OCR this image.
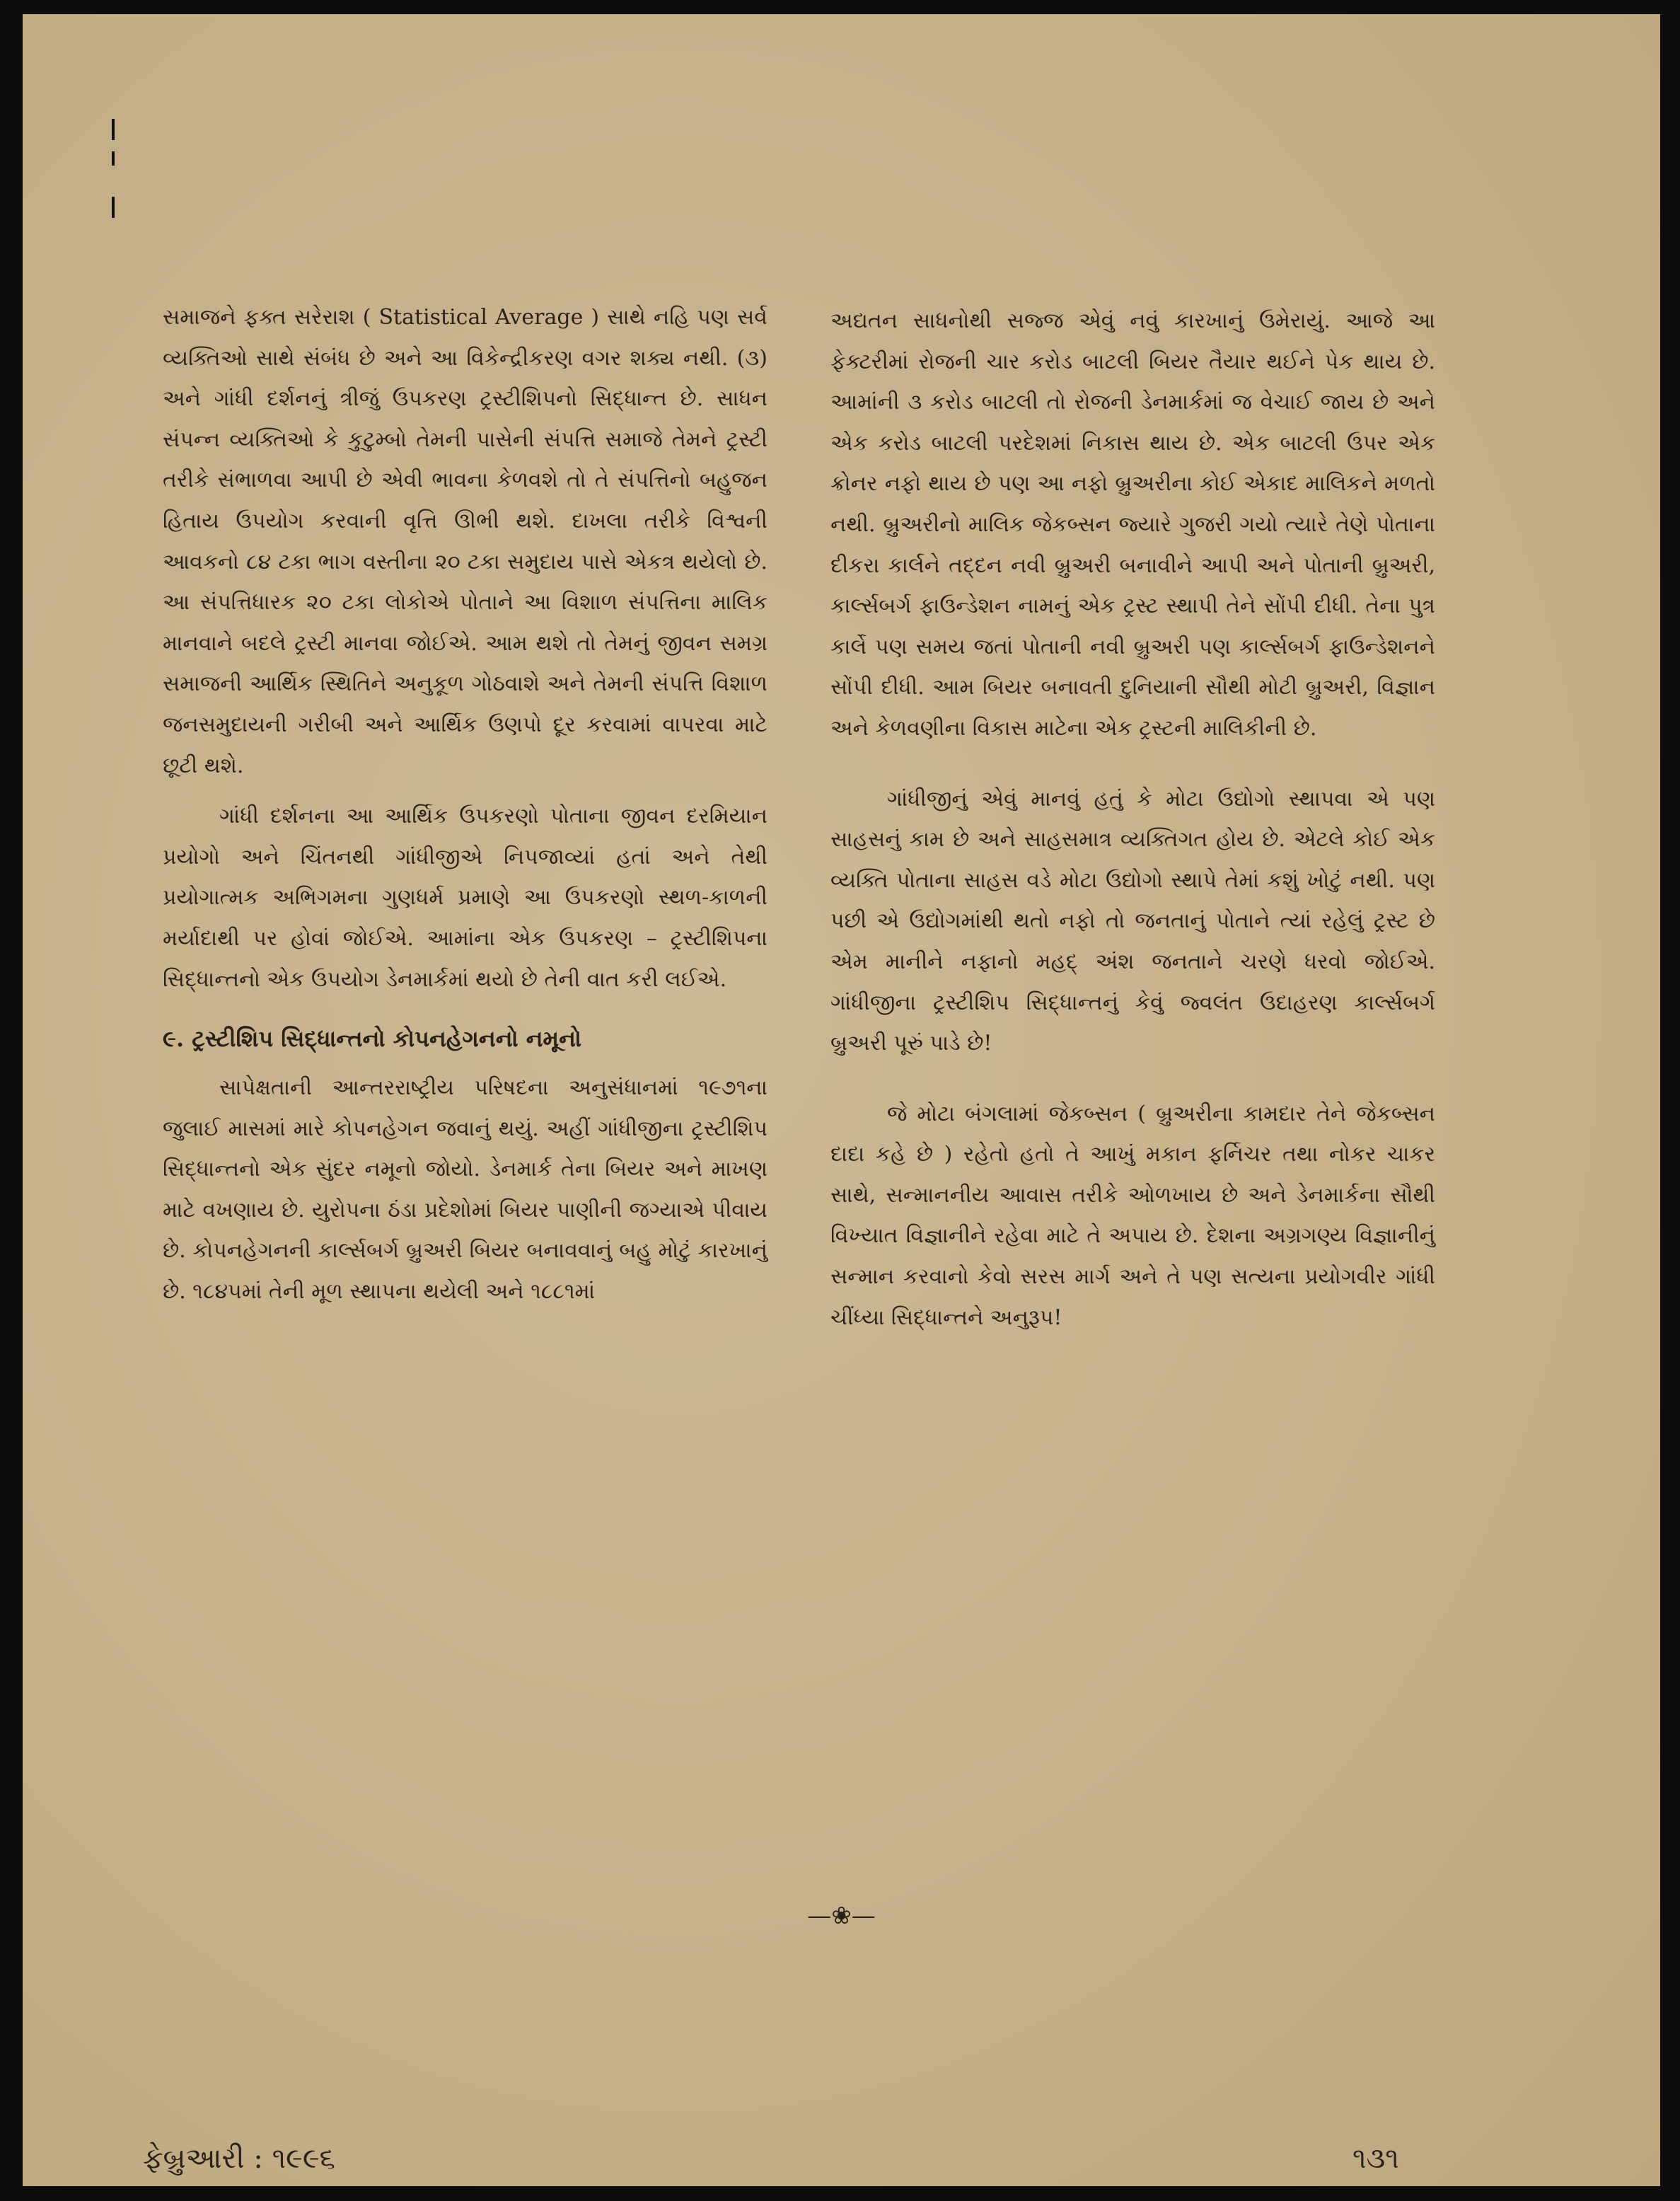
સમાજને ફક્ત સરેરાશ ( Statistical Average ) સાથે નહિ પણ સર્વ વ્યક્તિઓ સાથે સંબંધ છે અને આ વિકેન્દ્રીકરણ વગર શક્ય નથી. (૩) અને ગાંધી દર્શનનું ત્રીજું ઉપકરણ ટ્રસ્ટીશિપનો સિદ્ધાન્ત છે. સાધન સંપન્ન વ્યક્તિઓ કે કુટુમ્બો તેમની પાસેની સંપત્તિ સમાજે તેમને ટ્રસ્ટી તરીકે સંભાળવા આપી છે એવી ભાવના કેળવશે તો તે સંપત્તિનો બહુજન હિતાય ઉપયોગ કરવાની વૃત્તિ ઊભી થશે. દાખલા તરીકે વિશ્વની આવકનો ૮૪ ટકા ભાગ વસ્તીના ૨૦ ટકા સમુદાય પાસે એકત્ર થયેલો છે. આ સંપત્તિધારક ૨૦ ટકા લોકોએ પોતાને આ વિશાળ સંપત્તિના માલિક માનવાને બદલે ટ્રસ્ટી માનવા જોઈએ. આમ થશે તો તેમનું જીવન સમગ્ર સમાજની આર્થિક સ્થિતિને અનુકૂળ ગોઠવાશે અને તેમની સંપત્તિ વિશાળ જનસમુદાયની ગરીબી અને આર્થિક ઉણપો દૂર કરવામાં વાપરવા માટે છૂટી થશે.

ગાંધી દર્શનના આ આર્થિક ઉપકરણો પોતાના જીવન દરમિયાન પ્રયોગો અને ચિંતનથી ગાંધીજીએ નિપજાવ્યાં હતાં અને તેથી પ્રયોગાત્મક અભિગમના ગુણધર્મ પ્રમાણે આ ઉપકરણો સ્થળ-કાળની મર્યાદાથી પર હોવાં જોઈએ. આમાંના એક ઉપકરણ – ટ્રસ્ટીશિપના સિદ્ધાન્તનો એક ઉપયોગ ડેનમાર્કમાં થયો છે તેની વાત કરી લઈએ.

૯. ટ્રસ્ટીશિપ સિદ્ધાન્તનો કોપનહેગનનો નમૂનો

સાપેક્ષતાની આન્તરરાષ્ટ્રીય પરિષદના અનુસંધાનમાં ૧૯૭૧ના જુલાઈ માસમાં મારે કોપનહેગન જવાનું થયું. અહીં ગાંધીજીના ટ્રસ્ટીશિપ સિદ્ધાન્તનો એક સુંદર નમૂનો જોયો. ડેનમાર્ક તેના બિયર અને માખણ માટે વખણાય છે. યુરોપના ઠંડા પ્રદેશોમાં બિયર પાણીની જગ્યાએ પીવાય છે. કોપનહેગનની કાર્લ્સબર્ગ બ્રુઅરી બિયર બનાવવાનું બહુ મોટું કારખાનું છે. ૧૮૪૫માં તેની મૂળ સ્થાપના થયેલી અને ૧૮૮૧માં

અદ્યતન સાધનોથી સજ્જ એવું નવું કારખાનું ઉમેરાયું. આજે આ ફેક્ટરીમાં રોજની ચાર કરોડ બાટલી બિયર તૈયાર થઈને પેક થાય છે. આમાંની ૩ કરોડ બાટલી તો રોજની ડેનમાર્કમાં જ વેચાઈ જાય છે અને એક કરોડ બાટલી પરદેશમાં નિકાસ થાય છે. એક બાટલી ઉપર એક ક્રોનર નફો થાય છે પણ આ નફો બ્રુઅરીના કોઈ એકાદ માલિકને મળતો નથી. બ્રુઅરીનો માલિક જેકબ્સન જ્યારે ગુજરી ગયો ત્યારે તેણે પોતાના દીકરા કાર્લને તદ્દન નવી બ્રુઅરી બનાવીને આપી અને પોતાની બ્રુઅરી, કાર્લ્સબર્ગ ફાઉન્ડેશન નામનું એક ટ્રસ્ટ સ્થાપી તેને સોંપી દીધી. તેના પુત્ર કાર્લે પણ સમય જતાં પોતાની નવી બ્રુઅરી પણ કાર્લ્સબર્ગ ફાઉન્ડેશનને સોંપી દીધી. આમ બિયર બનાવતી દુનિયાની સૌથી મોટી બ્રુઅરી, વિજ્ઞાન અને કેળવણીના વિકાસ માટેના એક ટ્રસ્ટની માલિકીની છે.

ગાંધીજીનું એવું માનવું હતું કે મોટા ઉદ્યોગો સ્થાપવા એ પણ સાહસનું કામ છે અને સાહસમાત્ર વ્યક્તિગત હોય છે. એટલે કોઈ એક વ્યક્તિ પોતાના સાહસ વડે મોટા ઉદ્યોગો સ્થાપે તેમાં કશું ખોટું નથી. પણ પછી એ ઉદ્યોગમાંથી થતો નફો તો જનતાનું પોતાને ત્યાં રહેલું ટ્રસ્ટ છે એમ માનીને નફાનો મહદ્ અંશ જનતાને ચરણે ધરવો જોઈએ. ગાંધીજીના ટ્રસ્ટીશિપ સિદ્ધાન્તનું કેવું જ્વલંત ઉદાહરણ કાર્લ્સબર્ગ બ્રુઅરી પૂરું પાડે છે!

જે મોટા બંગલામાં જેકબ્સન ( બ્રુઅરીના કામદાર તેને જેકબ્સન દાદા કહે છે ) રહેતો હતો તે આખું મકાન ફર્નિચર તથા નોકર ચાકર સાથે, સન્માનનીય આવાસ તરીકે ઓળખાય છે અને ડેનમાર્કના સૌથી વિખ્યાત વિજ્ઞાનીને રહેવા માટે તે અપાય છે. દેશના અગ્રગણ્ય વિજ્ઞાનીનું સન્માન કરવાનો કેવો સરસ માર્ગ અને તે પણ સત્યના પ્રયોગવીર ગાંધી ચીંધ્યા સિદ્ધાન્તને અનુરૂપ!

—❀—
ફેબ્રુઆરી : ૧૯૯૬	૧૩૧
